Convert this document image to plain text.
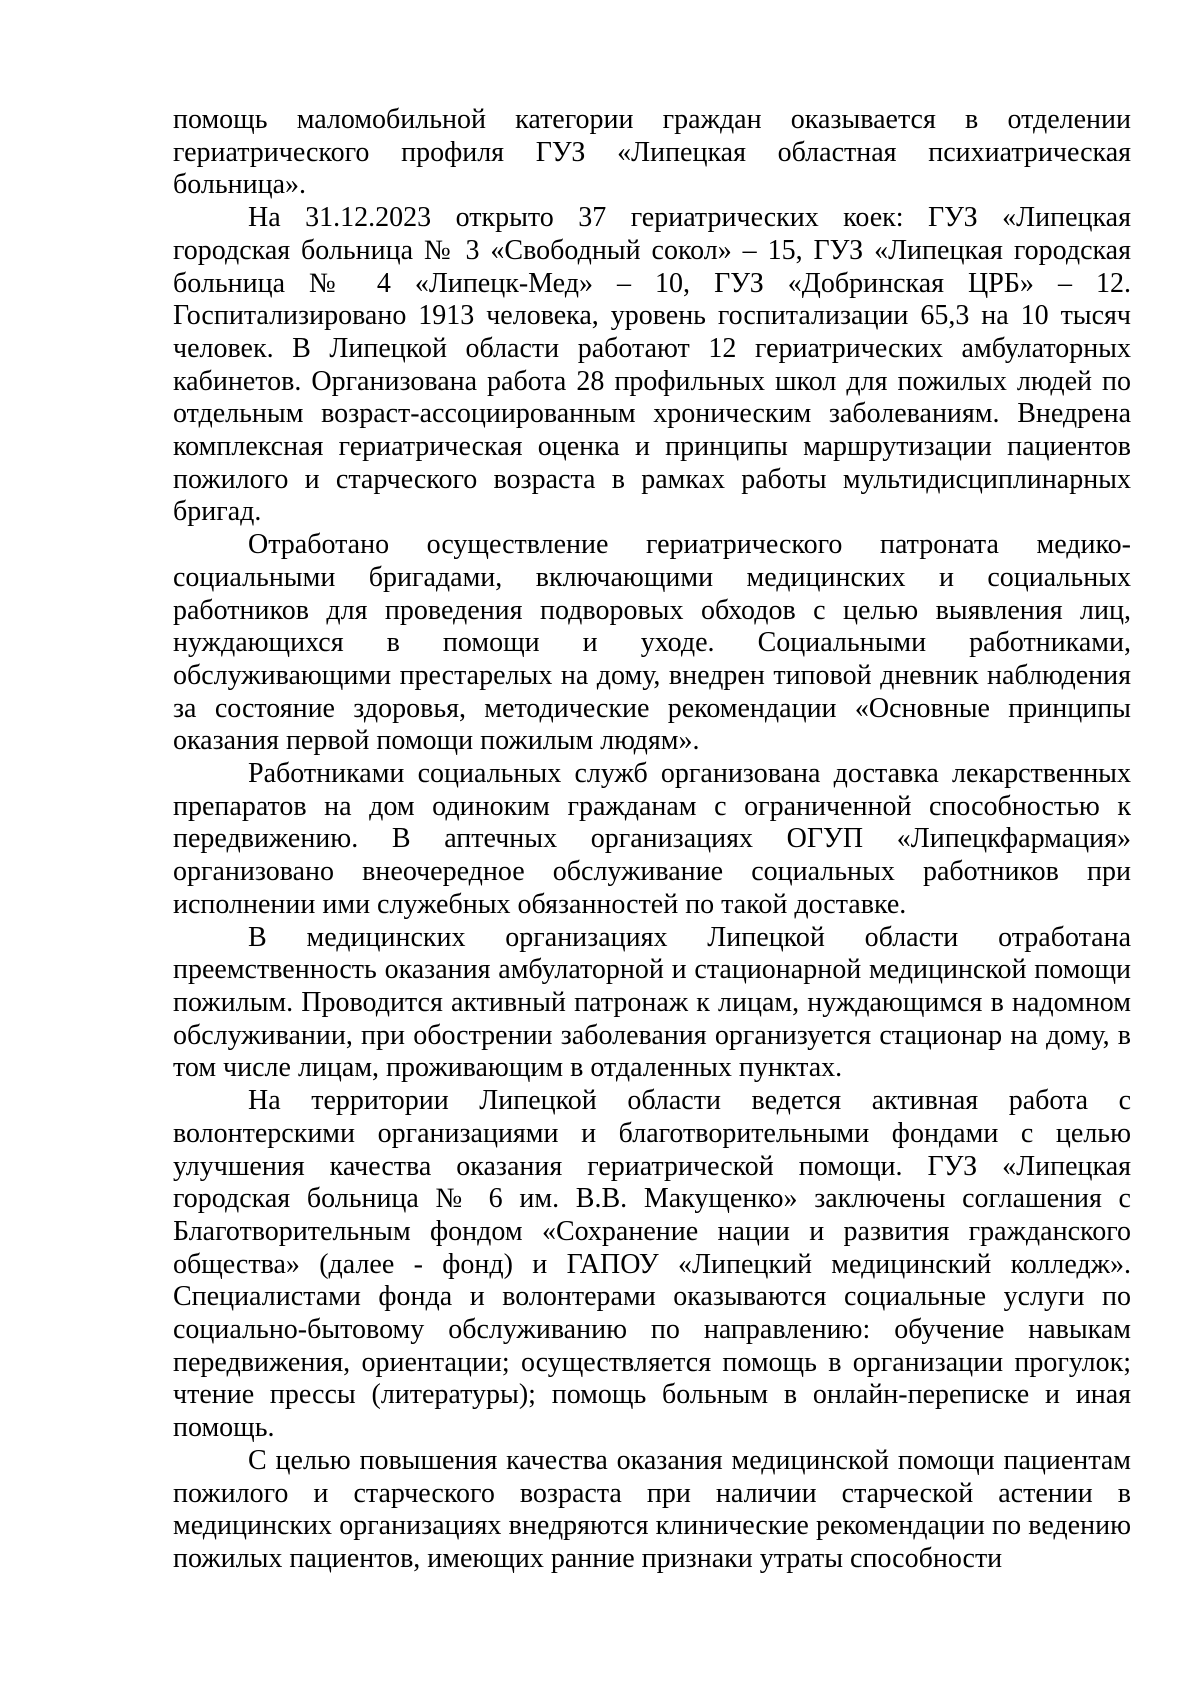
помощь маломобильной категории граждан оказывается в отделении гериатрического профиля ГУЗ «Липецкая областная психиатрическая больница».

На 31.12.2023 открыто 37 гериатрических коек: ГУЗ «Липецкая городская больница № 3 «Свободный сокол» – 15, ГУЗ «Липецкая городская больница № 4 «Липецк-Мед» – 10, ГУЗ «Добринская ЦРБ» – 12. Госпитализировано 1913 человека, уровень госпитализации 65,3 на 10 тысяч человек. В Липецкой области работают 12 гериатрических амбулаторных кабинетов. Организована работа 28 профильных школ для пожилых людей по отдельным возраст-ассоциированным хроническим заболеваниям. Внедрена комплексная гериатрическая оценка и принципы маршрутизации пациентов пожилого и старческого возраста в рамках работы мультидисциплинарных бригад.

Отработано осуществление гериатрического патроната медико-социальными бригадами, включающими медицинских и социальных работников для проведения подворовых обходов с целью выявления лиц, нуждающихся в помощи и уходе. Социальными работниками, обслуживающими престарелых на дому, внедрен типовой дневник наблюдения за состояние здоровья, методические рекомендации «Основные принципы оказания первой помощи пожилым людям».

Работниками социальных служб организована доставка лекарственных препаратов на дом одиноким гражданам с ограниченной способностью к передвижению. В аптечных организациях ОГУП «Липецкфармация» организовано внеочередное обслуживание социальных работников при исполнении ими служебных обязанностей по такой доставке.

В медицинских организациях Липецкой области отработана преемственность оказания амбулаторной и стационарной медицинской помощи пожилым. Проводится активный патронаж к лицам, нуждающимся в надомном обслуживании, при обострении заболевания организуется стационар на дому, в том числе лицам, проживающим в отдаленных пунктах.

На территории Липецкой области ведется активная работа с волонтерскими организациями и благотворительными фондами с целью улучшения качества оказания гериатрической помощи. ГУЗ «Липецкая городская больница № 6 им. В.В. Макущенко» заключены соглашения с Благотворительным фондом «Сохранение нации и развития гражданского общества» (далее - фонд) и ГАПОУ «Липецкий медицинский колледж». Специалистами фонда и волонтерами оказываются социальные услуги по социально-бытовому обслуживанию по направлению: обучение навыкам передвижения, ориентации; осуществляется помощь в организации прогулок; чтение прессы (литературы); помощь больным в онлайн-переписке и иная помощь.

С целью повышения качества оказания медицинской помощи пациентам пожилого и старческого возраста при наличии старческой астении в медицинских организациях внедряются клинические рекомендации по ведению пожилых пациентов, имеющих ранние признаки утраты способности
